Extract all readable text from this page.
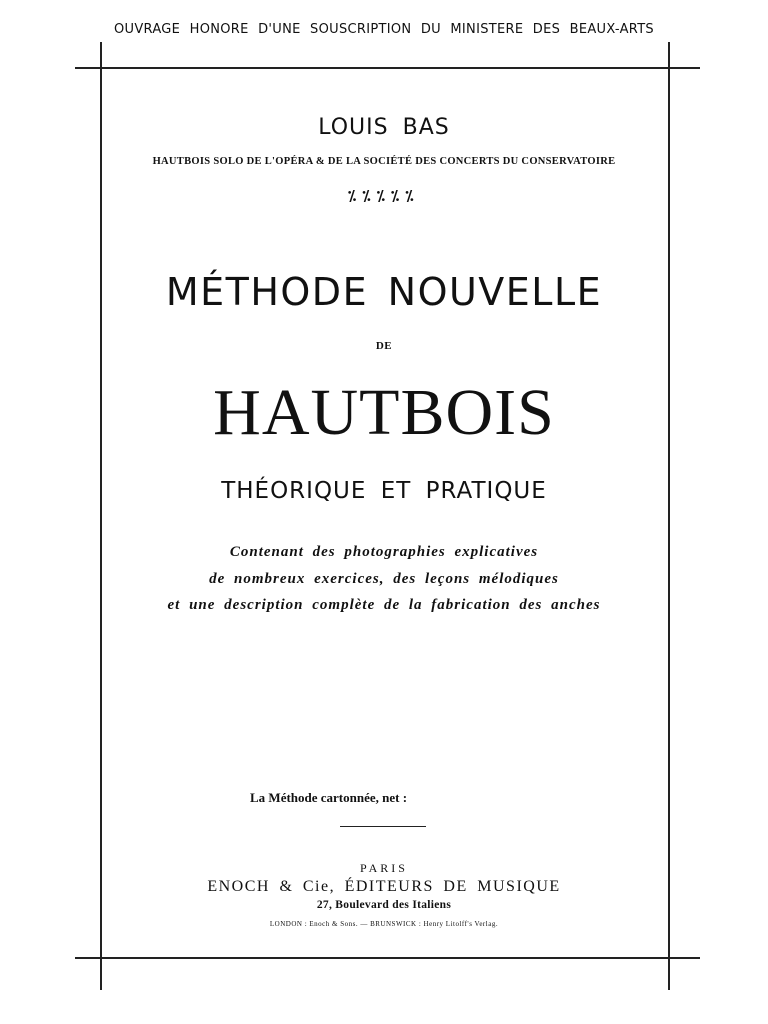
OUVRAGE HONORE D'UNE SOUSCRIPTION DU MINISTERE DES BEAUX-ARTS
LOUIS BAS
HAUTBOIS SOLO DE L'OPÉRA & DE LA SOCIÉTÉ DES CONCERTS DU CONSERVATOIRE
⁒⁒⁒⁒⁒
MÉTHODE NOUVELLE
DE
HAUTBOIS
THÉORIQUE ET PRATIQUE
Contenant des photographies explicatives
de nombreux exercices, des leçons mélodiques
et une description complète de la fabrication des anches
La Méthode cartonnée, net :
PARIS
ENOCH & Cie, ÉDITEURS DE MUSIQUE
27, Boulevard des Italiens
LONDON : Enoch & Sons. — BRUNSWICK : Henry Litolff's Verlag.
